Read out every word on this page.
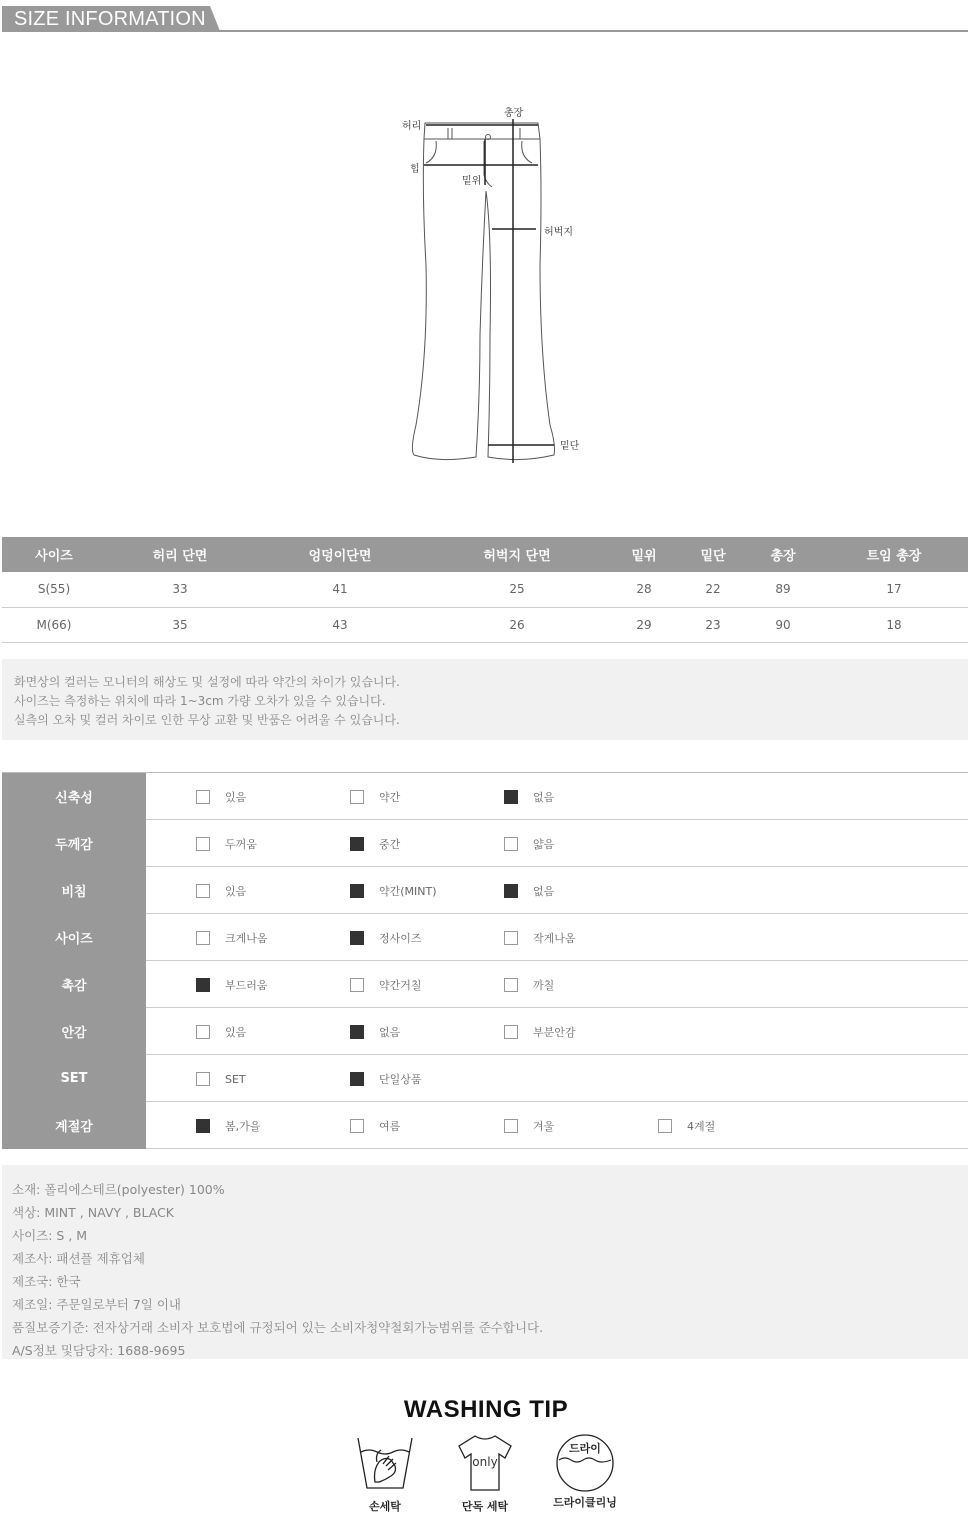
SIZE INFORMATION
허리
총장
힙
밑위
허벅지
밑단
사이즈	허리 단면	엉덩이단면	허벅지 단면	밑위	밑단	총장	트임 총장
S(55)	33	41	25	28	22	89	17
M(66)	35	43	26	29	23	90	18
화면상의 컬러는 모니터의 해상도 및 설정에 따라 약간의 차이가 있습니다.
사이즈는 측정하는 위치에 따라 1~3cm 가량 오차가 있을 수 있습니다.
실측의 오차 및 컬러 차이로 인한 무상 교환 및 반품은 어려울 수 있습니다.
신축성	있음	약간	없음
두께감	두꺼움	중간	얇음
비침	있음	약간(MINT)	없음
사이즈	크게나옴	정사이즈	작게나옴
촉감	부드러움	약간거칠	까칠
안감	있음	없음	부분안감
SET	SET	단일상품
계절감	봄,가을	여름	겨울	4계절
소재: 폴리에스테르(polyester) 100%
색상: MINT , NAVY , BLACK
사이즈: S , M
제조사: 패션플 제휴업체
제조국: 한국
제조일: 주문일로부터 7일 이내
품질보증기준: 전자상거래 소비자 보호법에 규정되어 있는 소비자청약철회가능범위를 준수합니다.
A/S정보 및담당자: 1688-9695
WASHING TIP
손세탁
only
단독 세탁
드라이
드라이클리닝
